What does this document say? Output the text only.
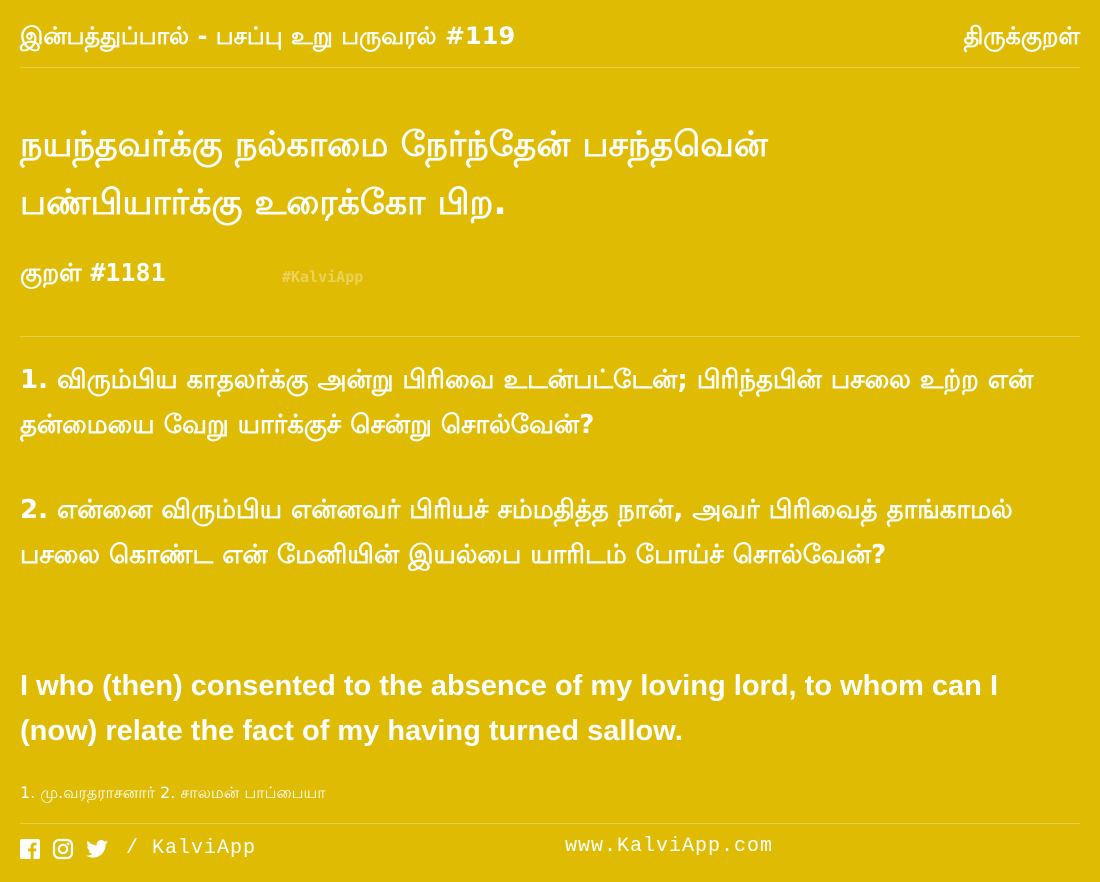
இன்பத்துப்பால் - பசப்பு உறு பருவரல் #119	திருக்குறள்
நயந்தவர்க்கு நல்காமை நேர்ந்தேன் பசந்தவென்
பண்பியார்க்கு உரைக்கோ பிற.
குறள் #1181	#KalviApp

1. விரும்பிய காதலர்க்கு அன்று பிரிவை உடன்பட்டேன்; பிரிந்தபின் பசலை உற்ற என் தன்மையை வேறு யார்க்குச் சென்று சொல்வேன்?

2. என்னை விரும்பிய என்னவர் பிரியச் சம்மதித்த நான், அவர் பிரிவைத் தாங்காமல் பசலை கொண்ட என் மேனியின் இயல்பை யாரிடம் போய்ச் சொல்வேன்?

I who (then) consented to the absence of my loving lord, to whom can I (now) relate the fact of my having turned sallow.

1. மு.வரதராசனார் 2. சாலமன் பாப்பையா
/ KalviApp	www.KalviApp.com
